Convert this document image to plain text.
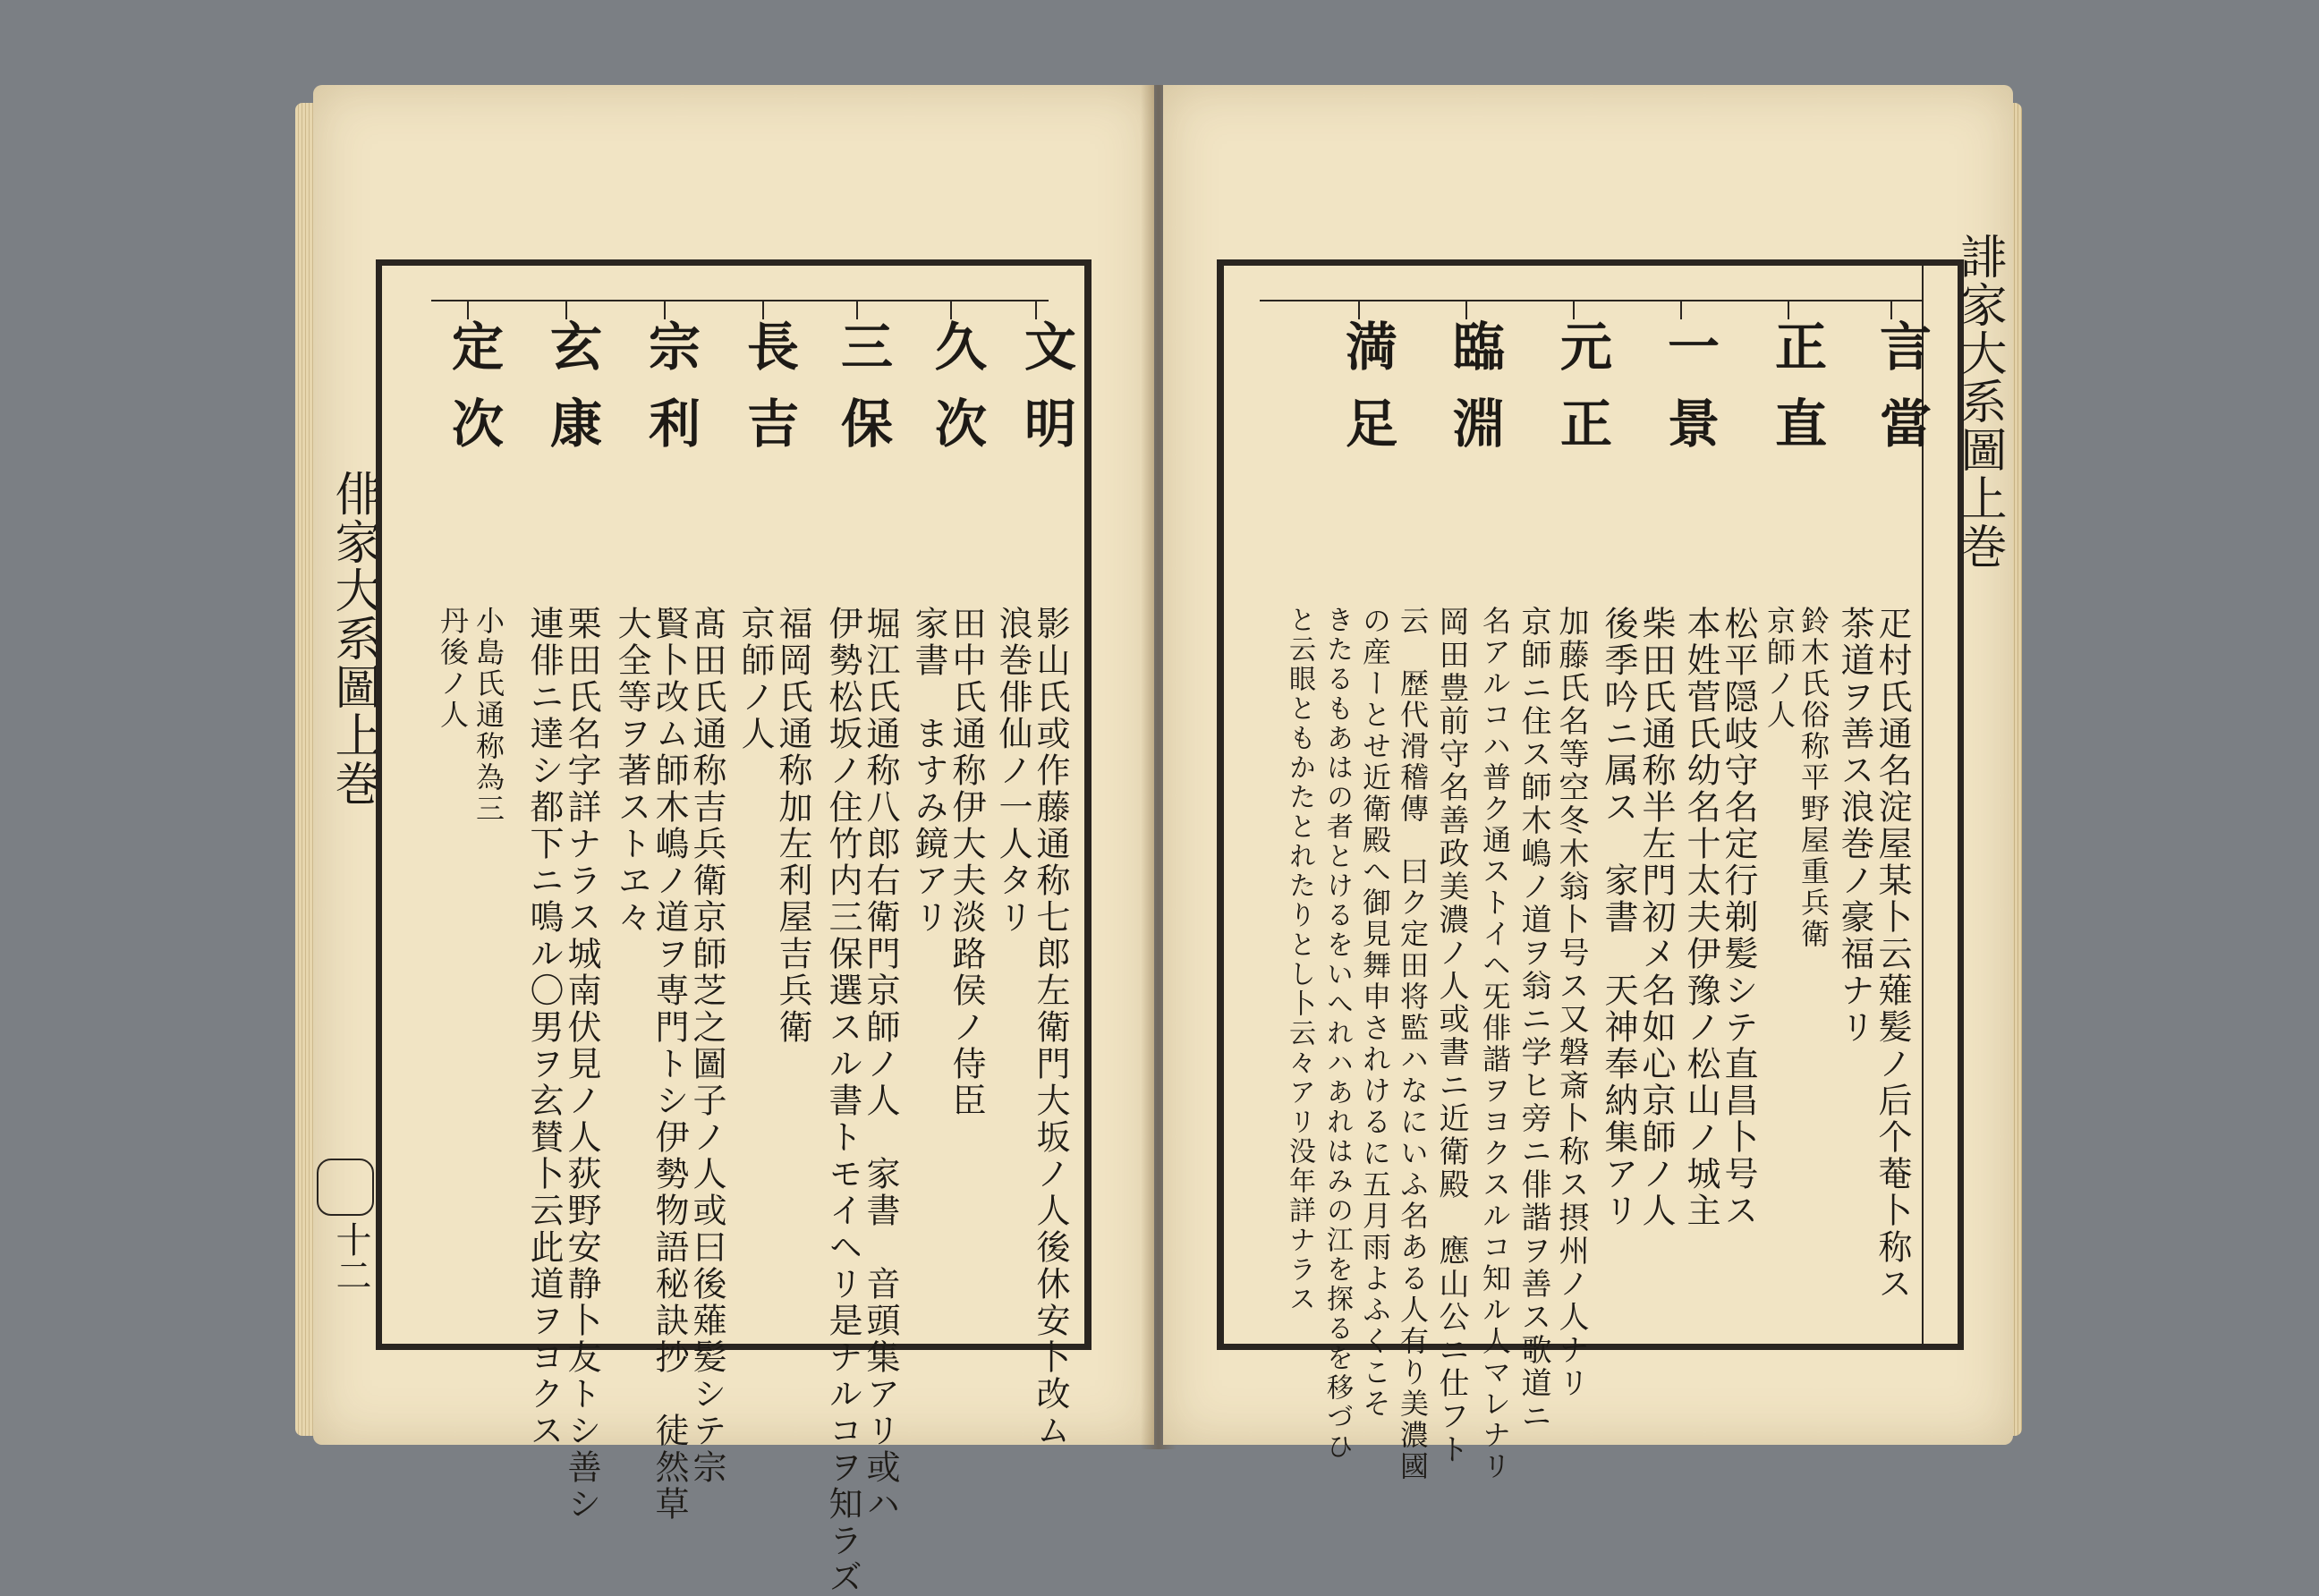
俳家大系圖上巻
十二
文明
久次
三保
長吉
宗利
玄康
定次
影山氏或作藤通称七郎左衛門大坂ノ人後休安卜改ム
浪巻俳仙ノ一人タリ
田中氏通称伊大夫淡路侯ノ侍臣
家書　ますみ鏡アリ
堀江氏通称八郎右衛門京師ノ人　家書　音頭集アリ或ハ
伊勢松坂ノ住竹内三保選スル書トモイヘリ是ナルコヲ知ラズ
福岡氏通称加左利屋吉兵衛
京師ノ人
髙田氏通称吉兵衛京師芝之圖子ノ人或曰後薙髪シテ宗
賢卜改ム師木嶋ノ道ヲ専門トシ伊勢物語秘訣抄　徒然草
大全等ヲ著ストヱ々
栗田氏名字詳ナラス城南伏見ノ人荻野安静卜友トシ善シ
連俳ニ達シ都下ニ鳴ル〇男ヲ玄賛卜云此道ヲヨクス
小島氏通称為三
丹後ノ人
言當
正直
一景
元正
臨淵
満足
疋村氏通名淀屋某卜云薙髪ノ后个菴卜称ス
茶道ヲ善ス浪巻ノ豪福ナリ
鈴木氏俗称平野屋重兵衛
京師ノ人
松平隠岐守名定行剃髪シテ直昌卜号ス
本姓菅氏幼名十太夫伊豫ノ松山ノ城主
柴田氏通称半左門初メ名如心京師ノ人
後季吟ニ属ス　家書　天神奉納集アリ
加藤氏名等空冬木翁卜号ス又磐斎卜称ス摂州ノ人ナリ
京師ニ住ス師木嶋ノ道ヲ翁ニ学ヒ旁ニ俳諧ヲ善ス歌道ニ
名アルコハ普ク通ストイヘ旡俳諧ヲヨクスルコ知ル人マレナリ
岡田豊前守名善政美濃ノ人或書ニ近衛殿　應山公ニ仕フト
云　歴代滑稽傳　曰ク定田将監ハなにいふ名ある人有り美濃國
の産ーとせ近衛殿へ御見舞申されけるに五月雨よふくこそ
きたるもあはの者とけるをいへれハあれはみの江を探るを移づひ
と云眼ともかたとれたりとし卜云々アリ没年詳ナラス
誹家大系圖上巻
